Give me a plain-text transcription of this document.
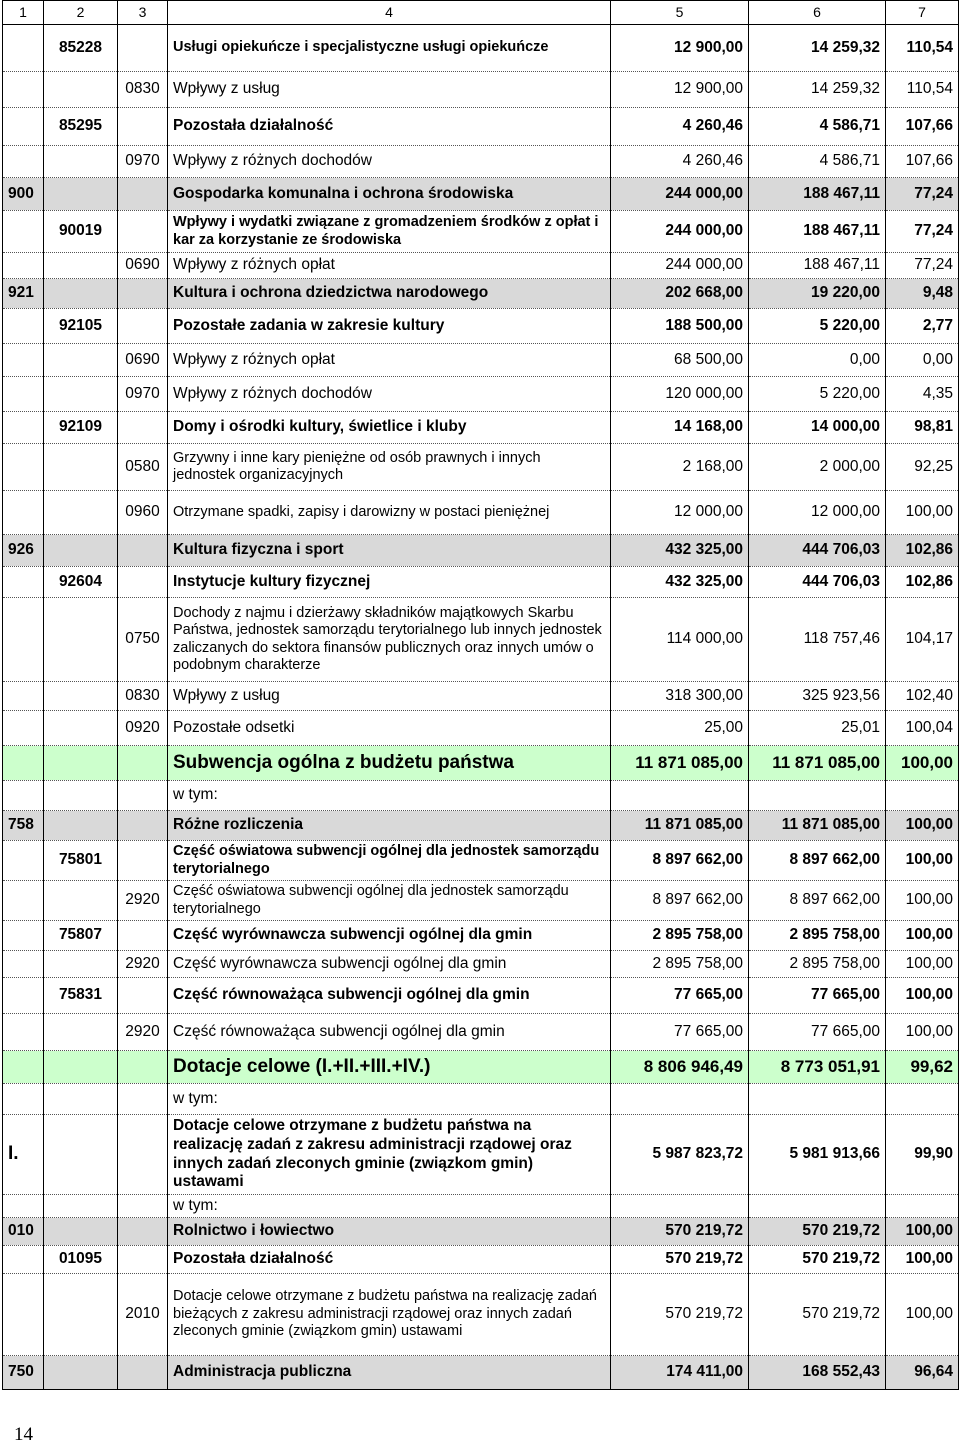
1	2	3	4	5	6	7
	85228		Usługi opiekuńcze i specjalistyczne usługi opiekuńcze	12 900,00	14 259,32	110,54
		0830	Wpływy z usług	12 900,00	14 259,32	110,54
	85295		Pozostała działalność	4 260,46	4 586,71	107,66
		0970	Wpływy z różnych dochodów	4 260,46	4 586,71	107,66
900			Gospodarka komunalna i ochrona środowiska	244 000,00	188 467,11	77,24
	90019		Wpływy i wydatki związane z gromadzeniem środków z opłat i kar za korzystanie ze środowiska	244 000,00	188 467,11	77,24
		0690	Wpływy z różnych opłat	244 000,00	188 467,11	77,24
921			Kultura i ochrona dziedzictwa narodowego	202 668,00	19 220,00	9,48
	92105		Pozostałe zadania w zakresie kultury	188 500,00	5 220,00	2,77
		0690	Wpływy z różnych opłat	68 500,00	0,00	0,00
		0970	Wpływy z różnych dochodów	120 000,00	5 220,00	4,35
	92109		Domy i ośrodki kultury, świetlice i kluby	14 168,00	14 000,00	98,81
		0580	Grzywny i inne kary pieniężne od osób prawnych i innych jednostek organizacyjnych	2 168,00	2 000,00	92,25
		0960	Otrzymane spadki, zapisy i darowizny w postaci pieniężnej	12 000,00	12 000,00	100,00
926			Kultura fizyczna i sport	432 325,00	444 706,03	102,86
	92604		Instytucje kultury fizycznej	432 325,00	444 706,03	102,86
		0750	Dochody z najmu i dzierżawy składników majątkowych Skarbu Państwa, jednostek samorządu terytorialnego lub innych jednostek zaliczanych do sektora finansów publicznych oraz innych umów o podobnym charakterze	114 000,00	118 757,46	104,17
		0830	Wpływy z usług	318 300,00	325 923,56	102,40
		0920	Pozostałe odsetki	25,00	25,01	100,04
			Subwencja ogólna z budżetu państwa	11 871 085,00	11 871 085,00	100,00
			w tym:			
758			Różne rozliczenia	11 871 085,00	11 871 085,00	100,00
	75801		Część oświatowa subwencji ogólnej dla jednostek samorządu terytorialnego	8 897 662,00	8 897 662,00	100,00
		2920	Część oświatowa subwencji ogólnej dla jednostek samorządu terytorialnego	8 897 662,00	8 897 662,00	100,00
	75807		Część wyrównawcza subwencji ogólnej dla gmin	2 895 758,00	2 895 758,00	100,00
		2920	Część wyrównawcza subwencji ogólnej dla gmin	2 895 758,00	2 895 758,00	100,00
	75831		Część równoważąca subwencji ogólnej dla gmin	77 665,00	77 665,00	100,00
		2920	Część równoważąca subwencji ogólnej dla gmin	77 665,00	77 665,00	100,00
			Dotacje celowe (I.+II.+III.+IV.)	8 806 946,49	8 773 051,91	99,62
			w tym:			
I.			Dotacje celowe otrzymane z budżetu państwa na realizację zadań z zakresu administracji rządowej oraz innych zadań zleconych gminie (związkom gmin) ustawami	5 987 823,72	5 981 913,66	99,90
			w tym:			
010			Rolnictwo i łowiectwo	570 219,72	570 219,72	100,00
	01095		Pozostała działalność	570 219,72	570 219,72	100,00
		2010	Dotacje celowe otrzymane z budżetu państwa na realizację zadań bieżących z zakresu administracji rządowej oraz innych zadań zleconych gminie (związkom gmin) ustawami	570 219,72	570 219,72	100,00
750			Administracja publiczna	174 411,00	168 552,43	96,64
14
